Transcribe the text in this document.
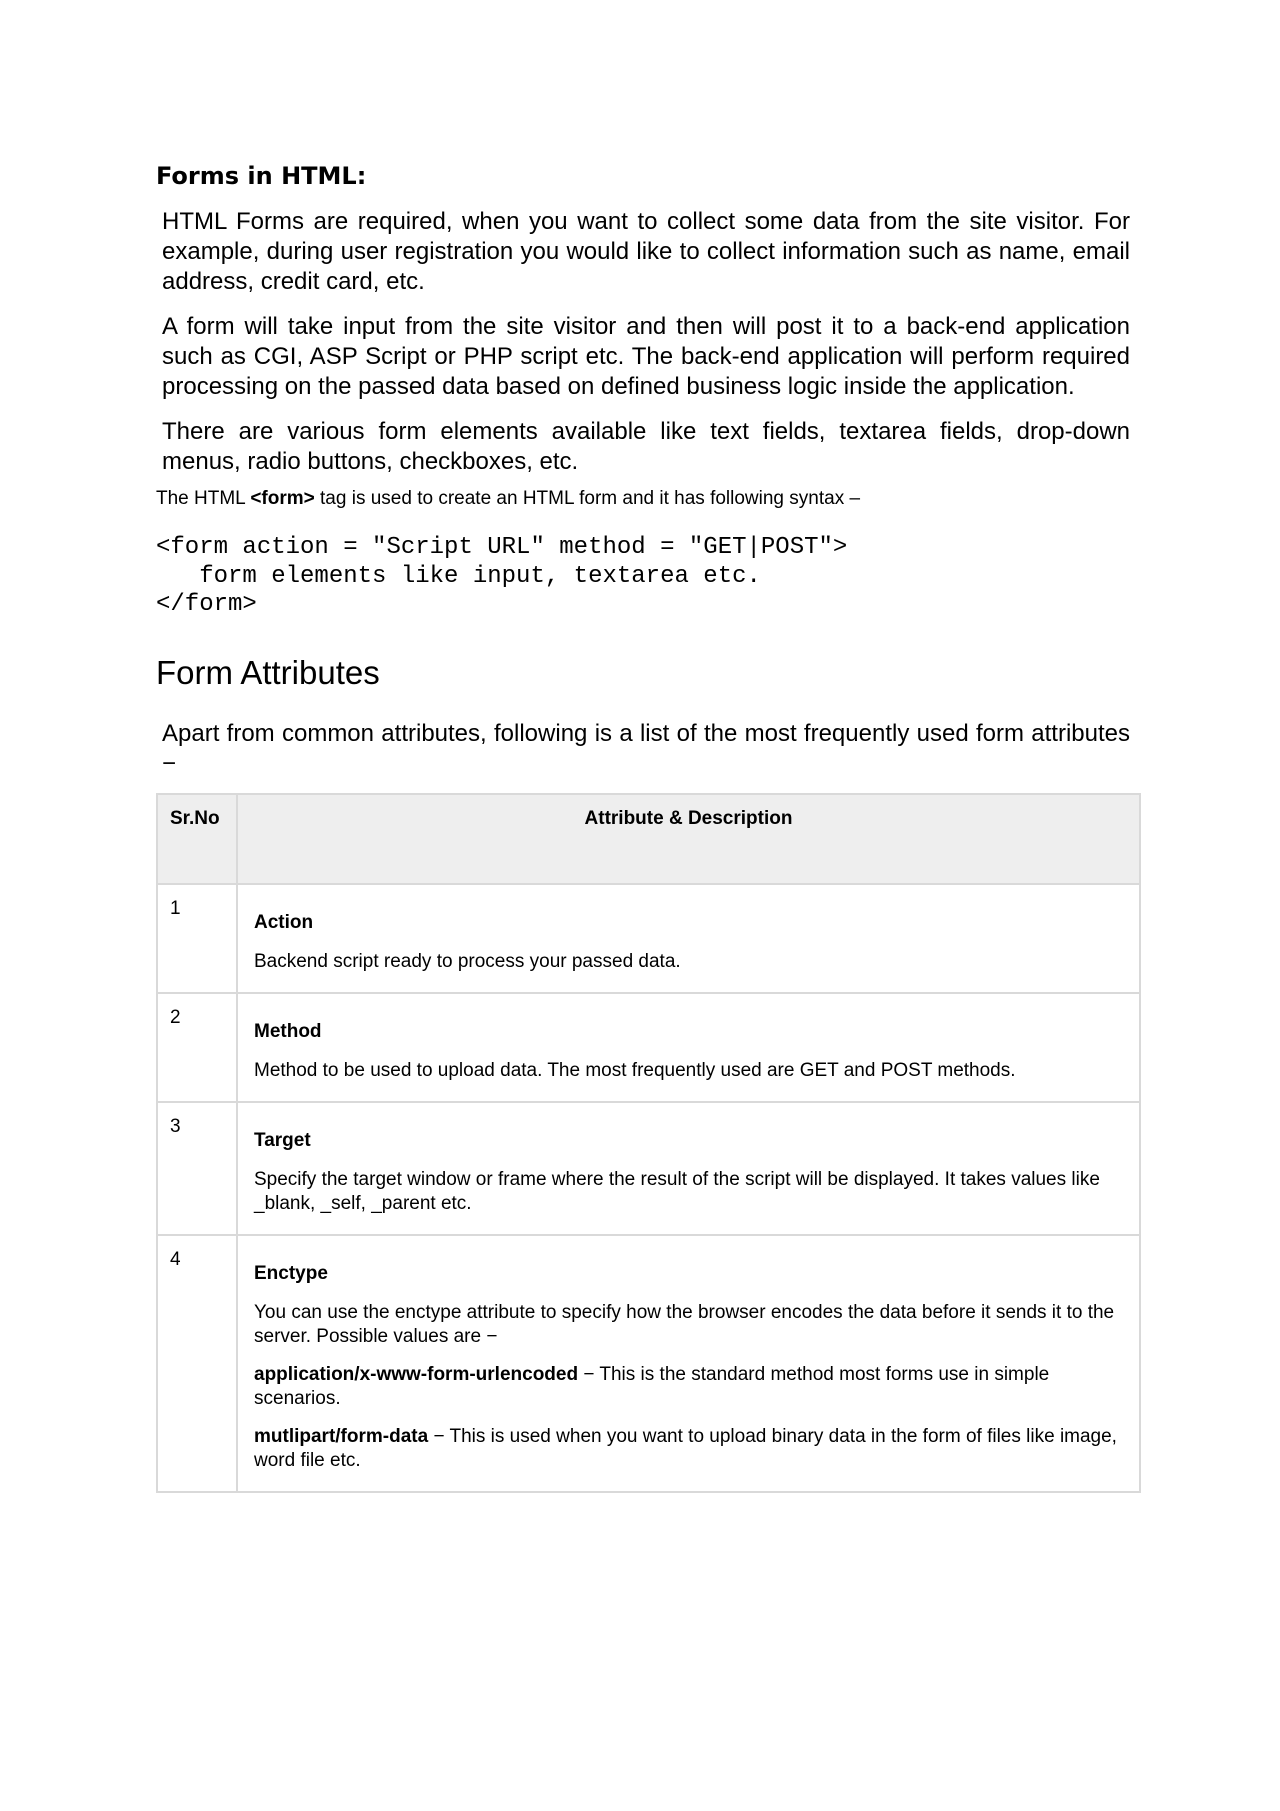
Forms in HTML:

HTML Forms are required, when you want to collect some data from the site visitor. For example, during user registration you would like to collect information such as name, email address, credit card, etc.

A form will take input from the site visitor and then will post it to a back-end application such as CGI, ASP Script or PHP script etc. The back-end application will perform required processing on the passed data based on defined business logic inside the application.

There are various form elements available like text fields, textarea fields, drop-down menus, radio buttons, checkboxes, etc.

The HTML <form> tag is used to create an HTML form and it has following syntax –

<form action = "Script URL" method = "GET|POST">
form elements like input, textarea etc.
</form>
Form Attributes

Apart from common attributes, following is a list of the most frequently used form attributes −

Sr.No	Attribute & Description
1	Action
Backend script ready to process your passed data.

2	Method
Method to be used to upload data. The most frequently used are GET and POST methods.

3	Target
Specify the target window or frame where the result of the script will be displayed. It takes values like _blank, _self, _parent etc.

4	Enctype
You can use the enctype attribute to specify how the browser encodes the data before it sends it to the server. Possible values are −
application/x-www-form-urlencoded − This is the standard method most forms use in simple scenarios.
mutlipart/form-data − This is used when you want to upload binary data in the form of files like image, word file etc.
